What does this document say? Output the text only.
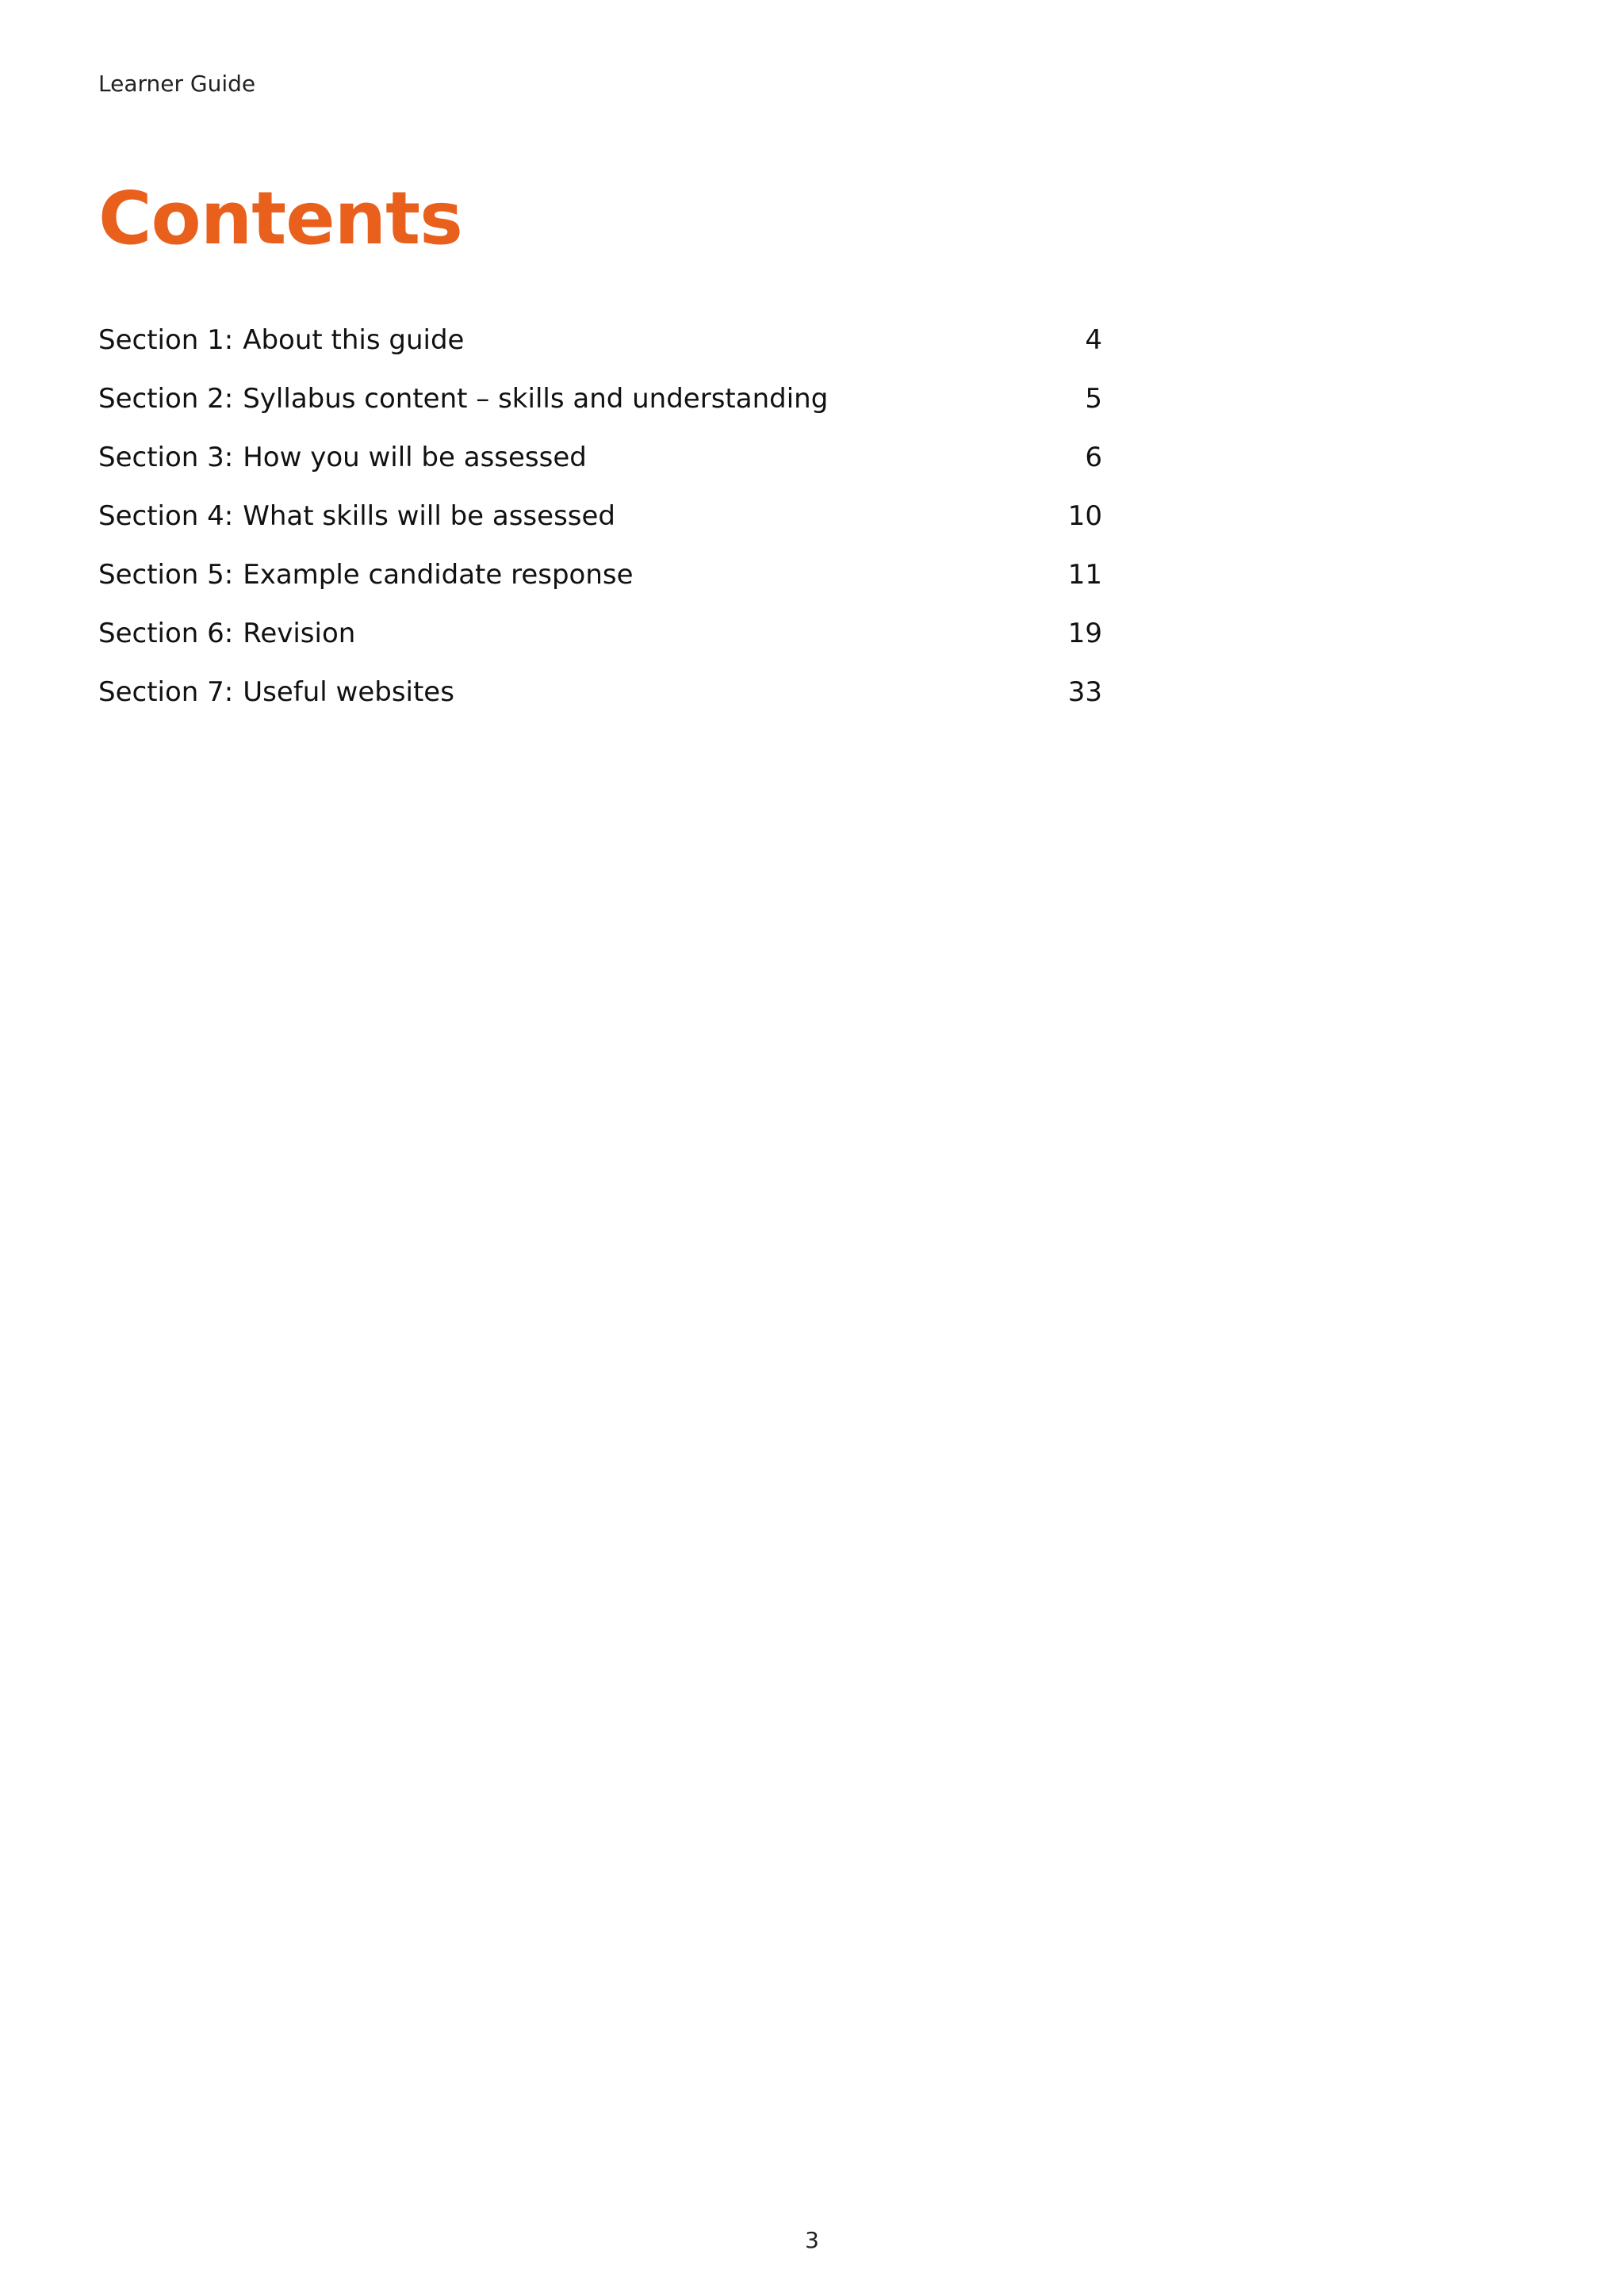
Learner Guide
Contents
Section 1: About this guide	4
Section 2: Syllabus content – skills and understanding	5
Section 3: How you will be assessed	6
Section 4: What skills will be assessed	10
Section 5: Example candidate response	11
Section 6: Revision	19
Section 7: Useful websites	33
3
